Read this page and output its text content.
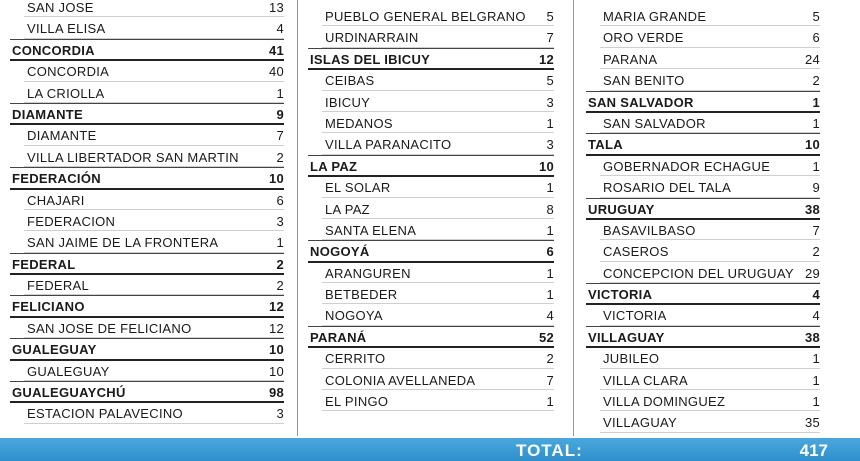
SAN JOSE	13
VILLA ELISA	4
CONCORDIA	41
CONCORDIA	40
LA CRIOLLA	1
DIAMANTE	9
DIAMANTE	7
VILLA LIBERTADOR SAN MARTIN	2
FEDERACIÓN	10
CHAJARI	6
FEDERACION	3
SAN JAIME DE LA FRONTERA	1
FEDERAL	2
FEDERAL	2
FELICIANO	12
SAN JOSE DE FELICIANO	12
GUALEGUAY	10
GUALEGUAY	10
GUALEGUAYCHÚ	98
ESTACION PALAVECINO	3
PUEBLO GENERAL BELGRANO	5
URDINARRAIN	7
ISLAS DEL IBICUY	12
CEIBAS	5
IBICUY	3
MEDANOS	1
VILLA PARANACITO	3
LA PAZ	10
EL SOLAR	1
LA PAZ	8
SANTA ELENA	1
NOGOYÁ	6
ARANGUREN	1
BETBEDER	1
NOGOYA	4
PARANÁ	52
CERRITO	2
COLONIA AVELLANEDA	7
EL PINGO	1
MARIA GRANDE	5
ORO VERDE	6
PARANA	24
SAN BENITO	2
SAN SALVADOR	1
SAN SALVADOR	1
TALA	10
GOBERNADOR ECHAGUE	1
ROSARIO DEL TALA	9
URUGUAY	38
BASAVILBASO	7
CASEROS	2
CONCEPCION DEL URUGUAY 29
VICTORIA	4
VICTORIA	4
VILLAGUAY	38
JUBILEO	1
VILLA CLARA	1
VILLA DOMINGUEZ	1
VILLAGUAY	35
TOTAL:	417
